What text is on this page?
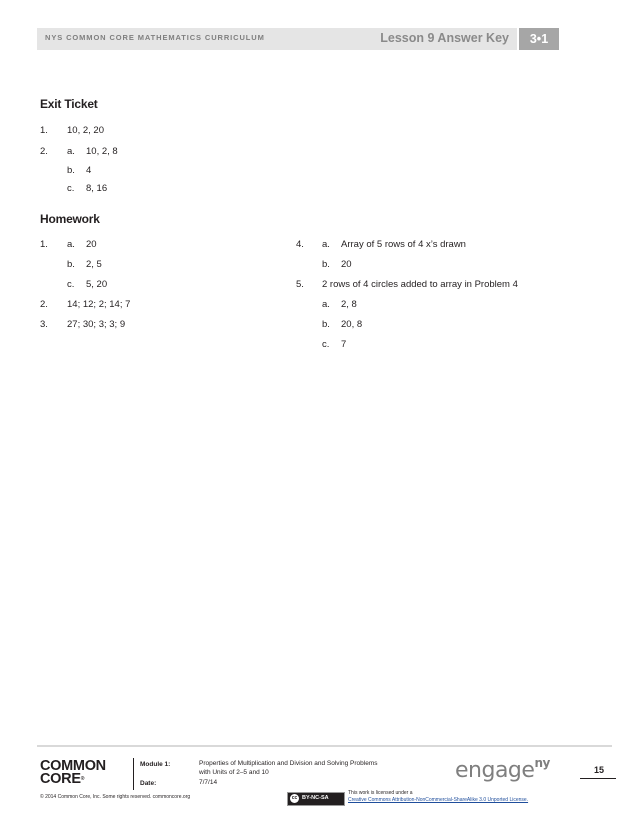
NYS COMMON CORE MATHEMATICS CURRICULUM	Lesson 9 Answer Key	3•1
Exit Ticket
1. 10, 2, 20
2. a. 10, 2, 8
b. 4
c. 8, 16
Homework
1. a. 20
b. 2, 5
c. 5, 20
2. 14; 12; 2; 14; 7
3. 27; 30; 3; 3; 9
4. a. Array of 5 rows of 4 x’s drawn
b. 20
5. 2 rows of 4 circles added to array in Problem 4
a. 2, 8
b. 20, 8
c. 7
COMMON
CORE®
Module 1:	Properties of Multiplication and Division and Solving Problems
with Units of 2–5 and 10
Date:	7/7/14	engage$^{ny}$	15
© 2014 Common Core, Inc. Some rights reserved. commoncore.org	cc BY-NC-SA
This work is licensed under a
Creative Commons Attribution-NonCommercial-ShareAlike 3.0 Unported License.
